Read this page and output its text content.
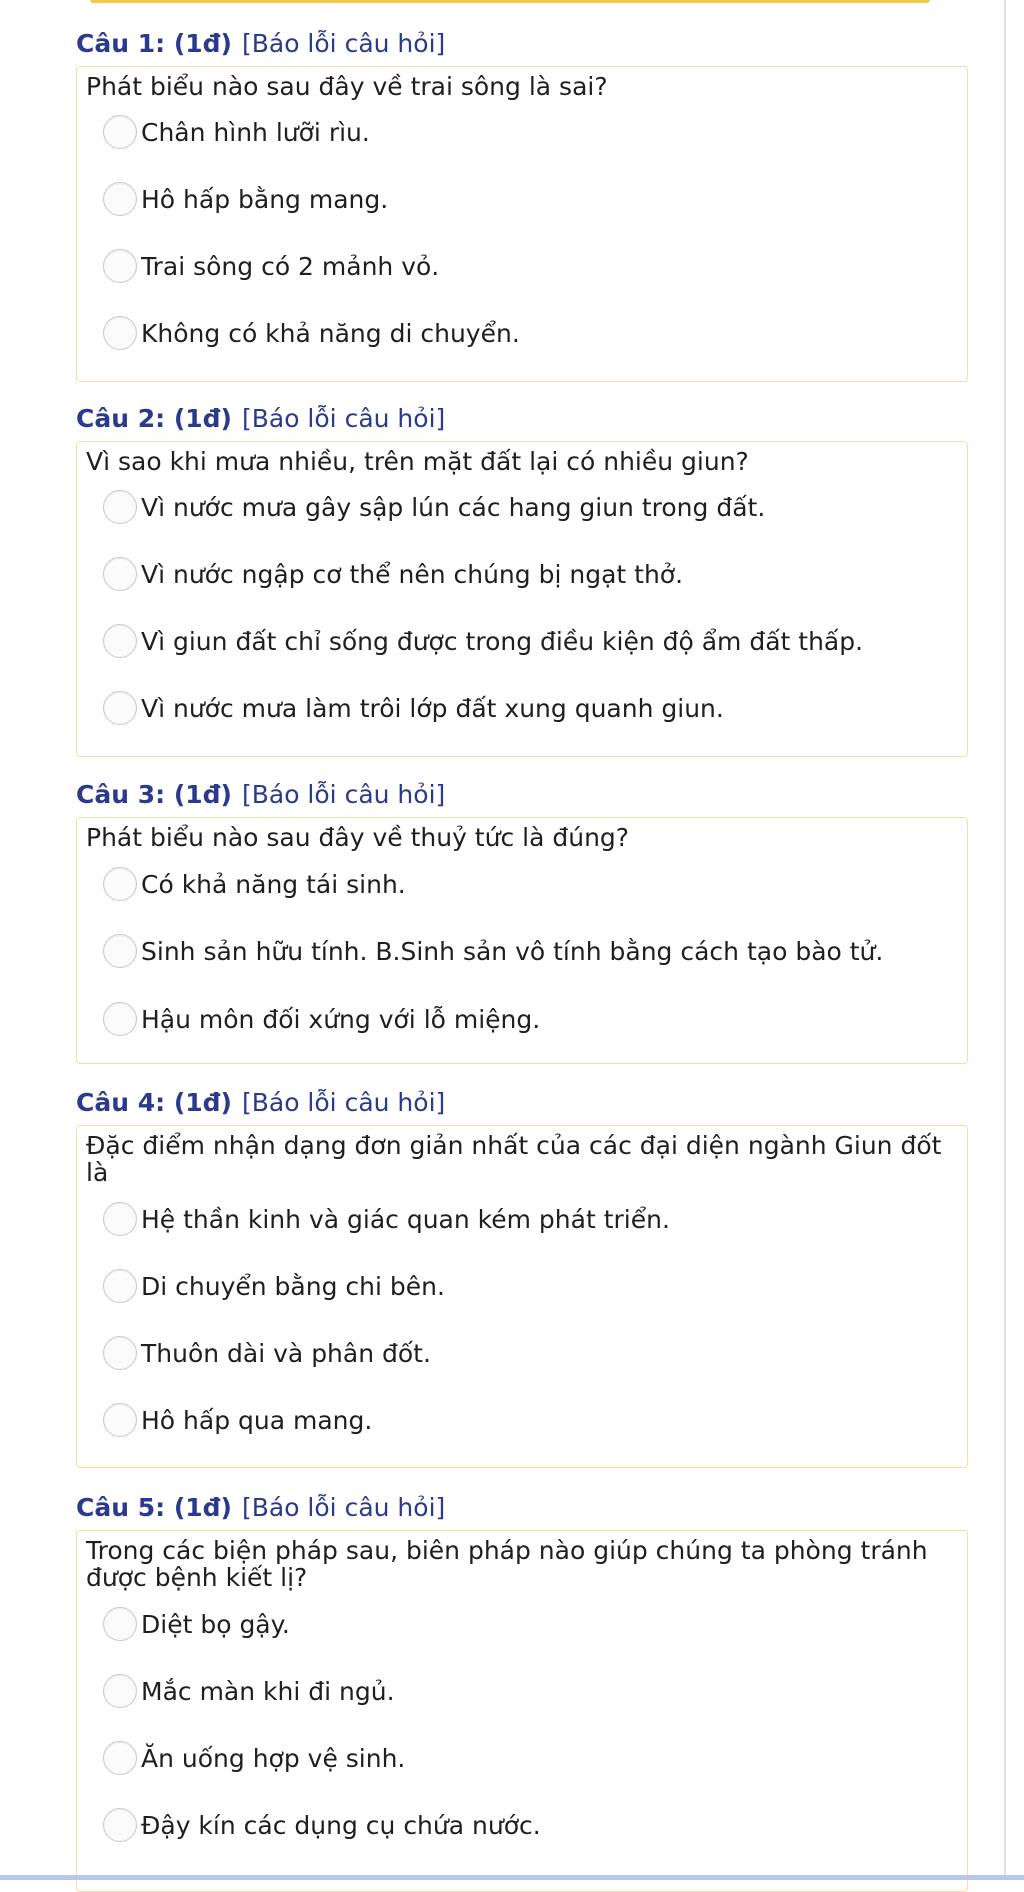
Câu 1: (1đ) [Báo lỗi câu hỏi]
Phát biểu nào sau đây về trai sông là sai?
Chân hình lưỡi rìu.
Hô hấp bằng mang.
Trai sông có 2 mảnh vỏ.
Không có khả năng di chuyển.
Câu 2: (1đ) [Báo lỗi câu hỏi]
Vì sao khi mưa nhiều, trên mặt đất lại có nhiều giun?
Vì nước mưa gây sập lún các hang giun trong đất.
Vì nước ngập cơ thể nên chúng bị ngạt thở.
Vì giun đất chỉ sống được trong điều kiện độ ẩm đất thấp.
Vì nước mưa làm trôi lớp đất xung quanh giun.
Câu 3: (1đ) [Báo lỗi câu hỏi]
Phát biểu nào sau đây về thuỷ tức là đúng?
Có khả năng tái sinh.
Sinh sản hữu tính. B.Sinh sản vô tính bằng cách tạo bào tử.
Hậu môn đối xứng với lỗ miệng.
Câu 4: (1đ) [Báo lỗi câu hỏi]
Đặc điểm nhận dạng đơn giản nhất của các đại diện ngành Giun đốt là
Hệ thần kinh và giác quan kém phát triển.
Di chuyển bằng chi bên.
Thuôn dài và phân đốt.
Hô hấp qua mang.
Câu 5: (1đ) [Báo lỗi câu hỏi]
Trong các biện pháp sau, biên pháp nào giúp chúng ta phòng tránh được bệnh kiết lị?
Diệt bọ gậy.
Mắc màn khi đi ngủ.
Ăn uống hợp vệ sinh.
Đậy kín các dụng cụ chứa nước.
